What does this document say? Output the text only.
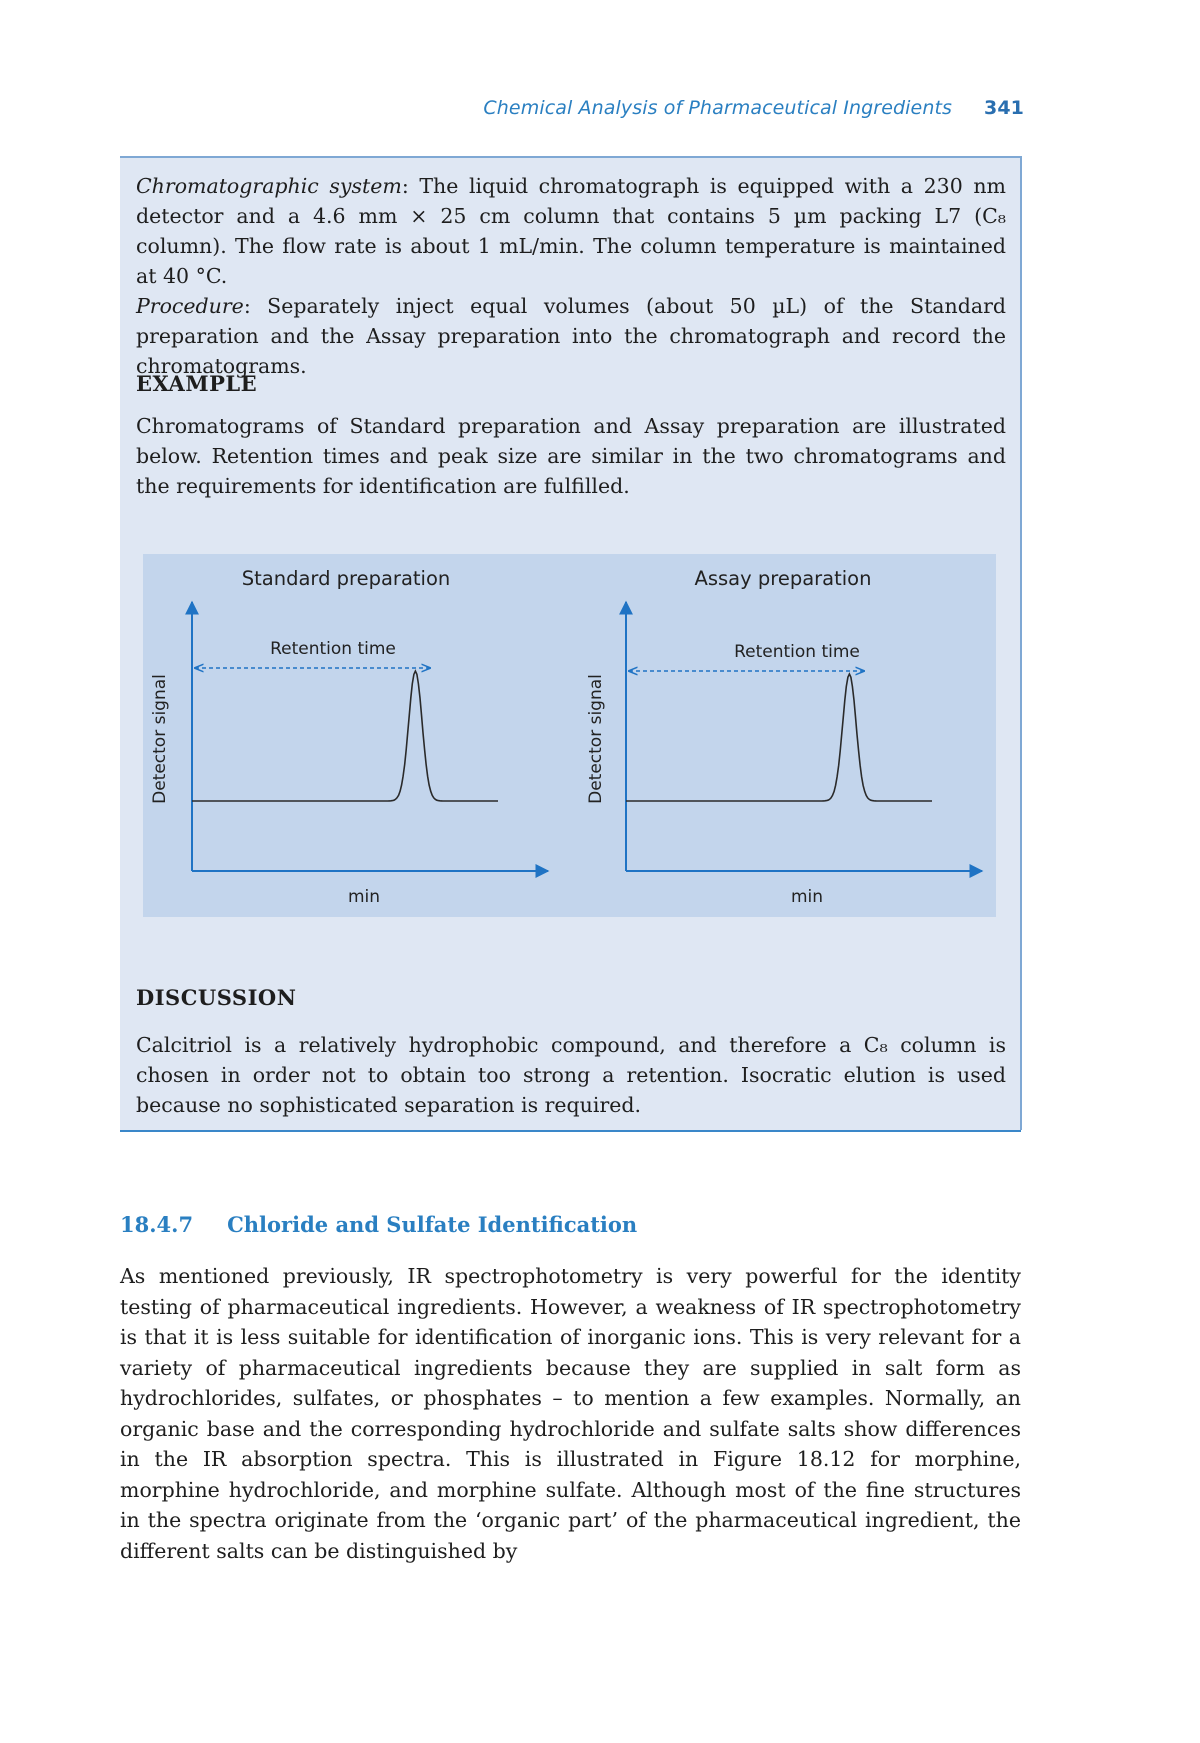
Chemical Analysis of Pharmaceutical Ingredients 341
Chromatographic system: The liquid chromatograph is equipped with a 230 nm detector and a 4.6 mm × 25 cm column that contains 5 µm packing L7 (C₈ column). The flow rate is about 1 mL/min. The column temperature is maintained at 40 °C.
Procedure: Separately inject equal volumes (about 50 µL) of the Standard preparation and the Assay preparation into the chromatograph and record the chromatograms.
EXAMPLE
Chromatograms of Standard preparation and Assay preparation are illustrated below. Retention times and peak size are similar in the two chromatograms and the requirements for identification are fulfilled.
Standard preparation
Detector signal
min
Retention time
Assay preparation
Detector signal
min
Retention time
DISCUSSION
Calcitriol is a relatively hydrophobic compound, and therefore a C₈ column is chosen in order not to obtain too strong a retention. Isocratic elution is used because no sophisticated separation is required.
18.4.7 Chloride and Sulfate Identification
As mentioned previously, IR spectrophotometry is very powerful for the identity testing of pharmaceutical ingredients. However, a weakness of IR spectrophotometry is that it is less suitable for identification of inorganic ions. This is very relevant for a variety of pharmaceutical ingredients because they are supplied in salt form as hydrochlorides, sulfates, or phosphates – to mention a few examples. Normally, an organic base and the corresponding hydrochloride and sulfate salts show differences in the IR absorption spectra. This is illustrated in Figure 18.12 for morphine, morphine hydrochloride, and morphine sulfate. Although most of the fine structures in the spectra originate from the ‘organic part’ of the pharmaceutical ingredient, the different salts can be distinguished by
